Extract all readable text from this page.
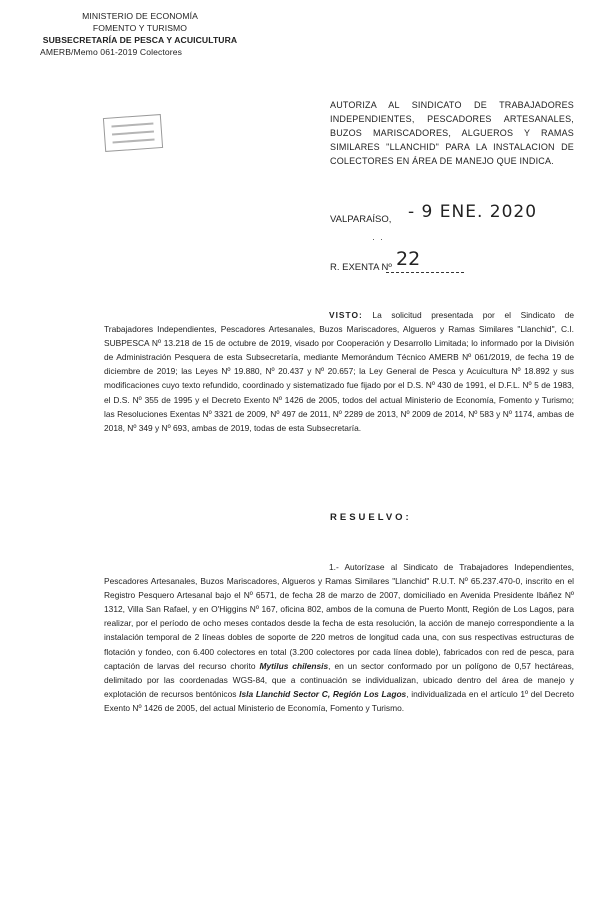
MINISTERIO DE ECONOMÍA
FOMENTO Y TURISMO
SUBSECRETARÍA DE PESCA Y ACUICULTURA
AMERB/Memo 061-2019 Colectores
AUTORIZA AL SINDICATO DE TRABAJADORES INDEPENDIENTES, PESCADORES ARTESANALES, BUZOS MARISCADORES, ALGUEROS Y RAMAS SIMILARES "LLANCHID" PARA LA INSTALACION DE COLECTORES EN ÁREA DE MANEJO QUE INDICA.
VALPARAÍSO, - 9 ENE. 2020
·  ·
R. EXENTA Nº 22
VISTO: La solicitud presentada por el Sindicato de Trabajadores Independientes, Pescadores Artesanales, Buzos Mariscadores, Algueros y Ramas Similares "Llanchid", C.I. SUBPESCA Nº 13.218 de 15 de octubre de 2019, visado por Cooperación y Desarrollo Limitada; lo informado por la División de Administración Pesquera de esta Subsecretaría, mediante Memorándum Técnico AMERB Nº 061/2019, de fecha 19 de diciembre de 2019; las Leyes Nº 19.880, Nº 20.437 y Nº 20.657; la Ley General de Pesca y Acuicultura Nº 18.892 y sus modificaciones cuyo texto refundido, coordinado y sistematizado fue fijado por el D.S. Nº 430 de 1991, el D.F.L. Nº 5 de 1983, el D.S. Nº 355 de 1995 y el Decreto Exento Nº 1426 de 2005, todos del actual Ministerio de Economía, Fomento y Turismo; las Resoluciones Exentas Nº 3321 de 2009, Nº 497 de 2011, Nº 2289 de 2013, Nº 2009 de 2014, Nº 583 y Nº 1174, ambas de 2018, Nº 349 y Nº 693, ambas de 2019, todas de esta Subsecretaría.
RESUELVO:
1.- Autorízase al Sindicato de Trabajadores Independientes, Pescadores Artesanales, Buzos Mariscadores, Algueros y Ramas Similares "Llanchid" R.U.T. Nº 65.237.470-0, inscrito en el Registro Pesquero Artesanal bajo el Nº 6571, de fecha 28 de marzo de 2007, domiciliado en Avenida Presidente Ibáñez Nº 1312, Villa San Rafael, y en O'Higgins Nº 167, oficina 802, ambos de la comuna de Puerto Montt, Región de Los Lagos, para realizar, por el período de ocho meses contados desde la fecha de esta resolución, la acción de manejo correspondiente a la instalación temporal de 2 líneas dobles de soporte de 220 metros de longitud cada una, con sus respectivas estructuras de flotación y fondeo, con 6.400 colectores en total (3.200 colectores por cada línea doble), fabricados con red de pesca, para captación de larvas del recurso chorito Mytilus chilensis, en un sector conformado por un polígono de 0,57 hectáreas, delimitado por las coordenadas WGS-84, que a continuación se individualizan, ubicado dentro del área de manejo y explotación de recursos bentónicos Isla Llanchid Sector C, Región Los Lagos, individualizada en el artículo 1º del Decreto Exento Nº 1426 de 2005, del actual Ministerio de Economía, Fomento y Turismo.
